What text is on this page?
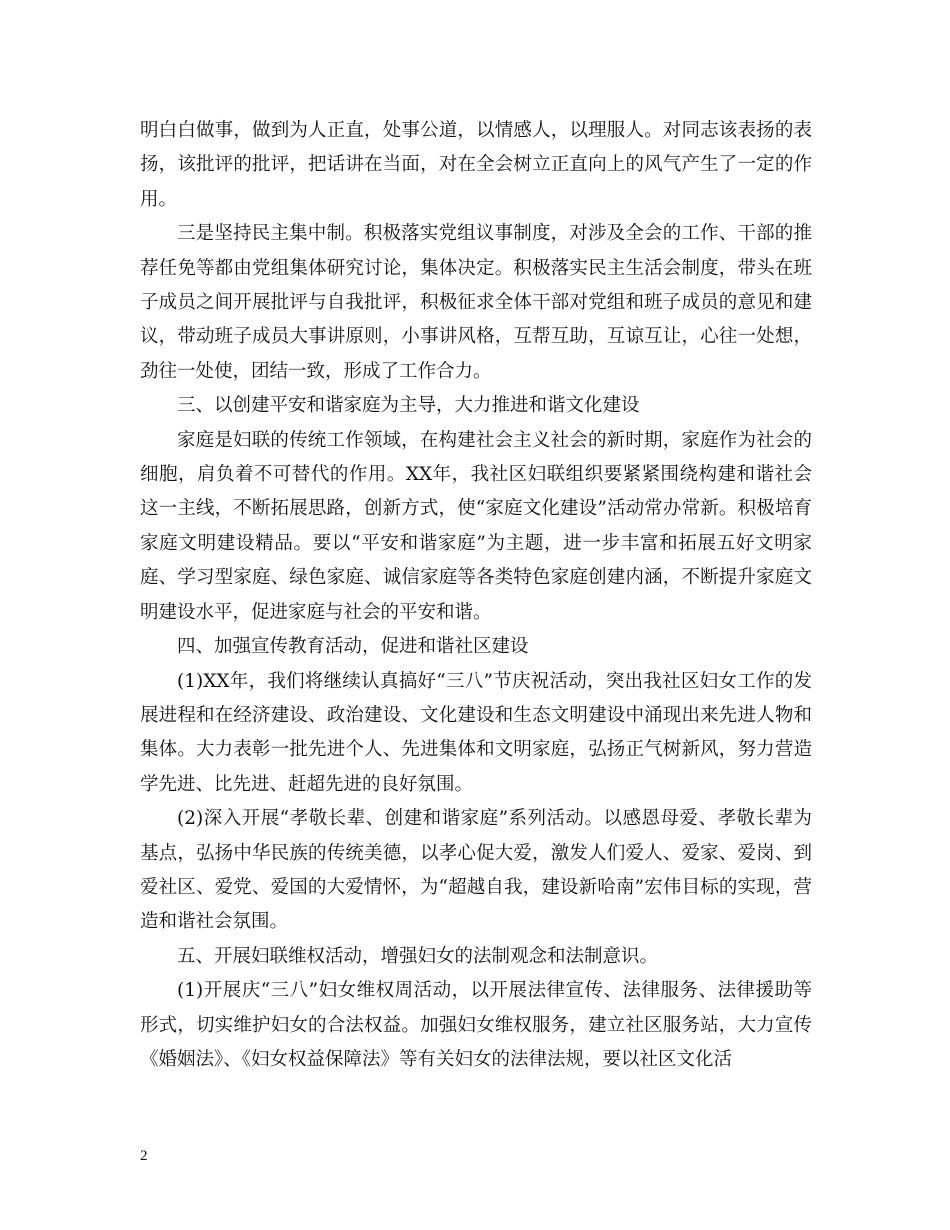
明白白做事，做到为人正直，处事公道，以情感人，以理服人。对同志该表扬的表扬，该批评的批评，把话讲在当面，对在全会树立正直向上的风气产生了一定的作用。

三是坚持民主集中制。积极落实党组议事制度，对涉及全会的工作、干部的推荐任免等都由党组集体研究讨论，集体决定。积极落实民主生活会制度，带头在班子成员之间开展批评与自我批评，积极征求全体干部对党组和班子成员的意见和建议，带动班子成员大事讲原则，小事讲风格，互帮互助，互谅互让，心往一处想，劲往一处使，团结一致，形成了工作合力。

三、以创建平安和谐家庭为主导，大力推进和谐文化建设

家庭是妇联的传统工作领域，在构建社会主义社会的新时期，家庭作为社会的细胞，肩负着不可替代的作用。XX年，我社区妇联组织要紧紧围绕构建和谐社会这一主线，不断拓展思路，创新方式，使“家庭文化建设”活动常办常新。积极培育家庭文明建设精品。要以“平安和谐家庭”为主题，进一步丰富和拓展五好文明家庭、学习型家庭、绿色家庭、诚信家庭等各类特色家庭创建内涵，不断提升家庭文明建设水平，促进家庭与社会的平安和谐。

四、加强宣传教育活动，促进和谐社区建设

(1)XX年，我们将继续认真搞好“三八”节庆祝活动，突出我社区妇女工作的发展进程和在经济建设、政治建设、文化建设和生态文明建设中涌现出来先进人物和集体。大力表彰一批先进个人、先进集体和文明家庭，弘扬正气树新风，努力营造学先进、比先进、赶超先进的良好氛围。

(2)深入开展“孝敬长辈、创建和谐家庭”系列活动。以感恩母爱、孝敬长辈为基点，弘扬中华民族的传统美德，以孝心促大爱，激发人们爱人、爱家、爱岗、到爱社区、爱党、爱国的大爱情怀，为“超越自我，建设新哈南”宏伟目标的实现，营造和谐社会氛围。

五、开展妇联维权活动，增强妇女的法制观念和法制意识。

(1)开展庆“三八”妇女维权周活动，以开展法律宣传、法律服务、法律援助等形式，切实维护妇女的合法权益。加强妇女维权服务，建立社区服务站，大力宣传《婚姻法》、《妇女权益保障法》等有关妇女的法律法规，要以社区文化活

2
